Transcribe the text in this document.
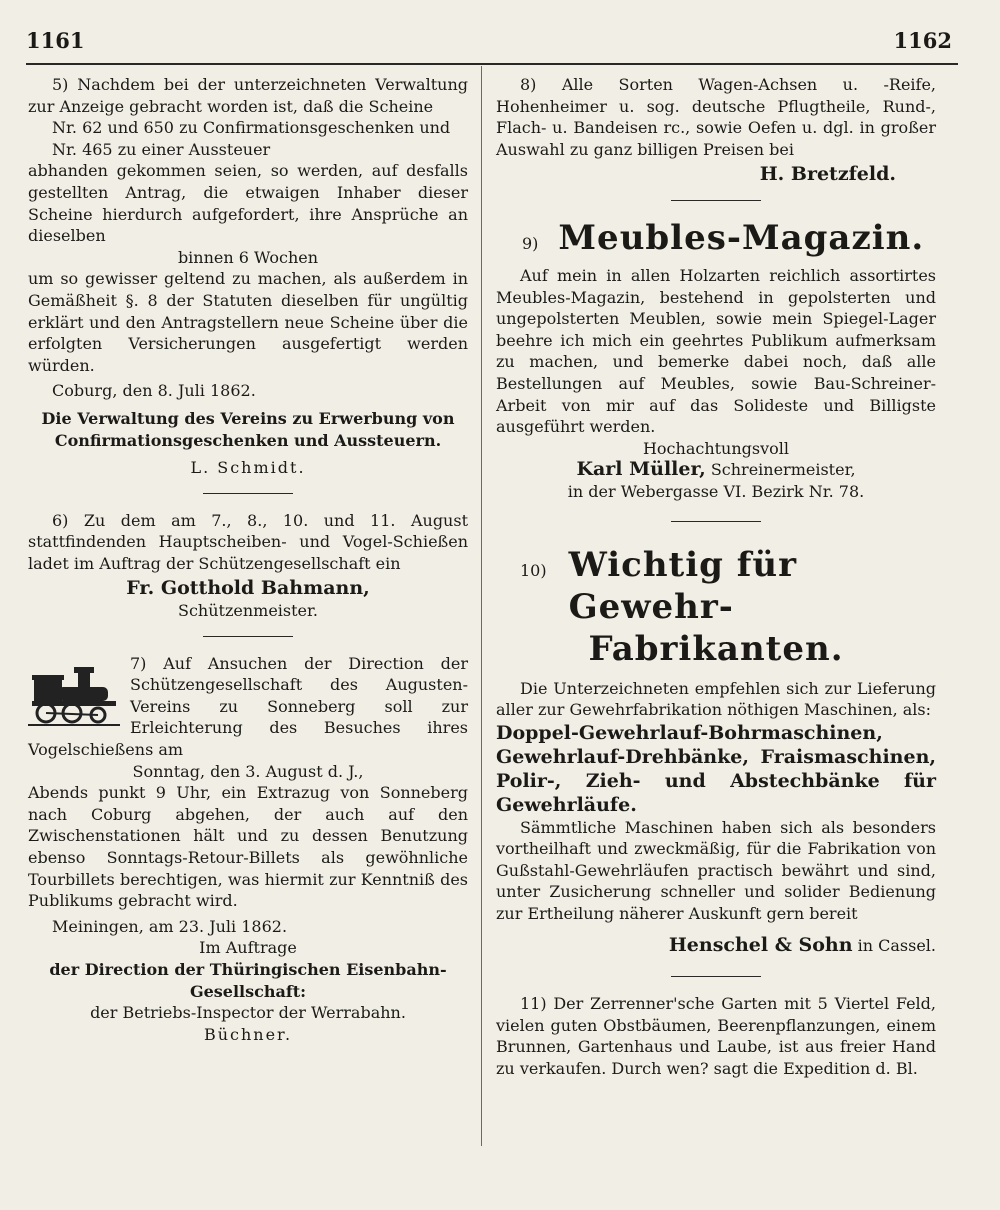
1161	1162

5) Nachdem bei der unterzeichneten Verwaltung zur Anzeige gebracht worden ist, daß die Scheine

Nr. 62 und 650 zu Confirmationsgeschenken und

Nr. 465 zu einer Aussteuer

abhanden gekommen seien, so werden, auf desfalls gestellten Antrag, die etwaigen Inhaber dieser Scheine hierdurch aufgefordert, ihre Ansprüche an dieselben

binnen 6 Wochen

um so gewisser geltend zu machen, als außerdem in Gemäßheit §. 8 der Statuten dieselben für ungültig erklärt und den Antragstellern neue Scheine über die erfolgten Versicherungen ausgefertigt werden würden.

Coburg, den 8. Juli 1862.

Die Verwaltung des Vereins zu Erwerbung von Confirmationsgeschenken und Aussteuern.

L. Schmidt.

6) Zu dem am 7., 8., 10. und 11. August stattfindenden Hauptscheiben- und Vogel-Schießen ladet im Auftrag der Schützengesellschaft ein

Fr. Gotthold Bahmann,

Schützenmeister.

7) Auf Ansuchen der Direction der Schützengesellschaft des Augusten-Vereins zu Sonneberg soll zur Erleichterung des Besuches ihres Vogelschießens am

Sonntag, den 3. August d. J.,

Abends punkt 9 Uhr, ein Extrazug von Sonneberg nach Coburg abgehen, der auch auf den Zwischenstationen hält und zu dessen Benutzung ebenso Sonntags-Retour-Billets als gewöhnliche Tourbillets berechtigen, was hiermit zur Kenntniß des Publikums gebracht wird.

Meiningen, am 23. Juli 1862.

Im Auftrage

der Direction der Thüringischen Eisenbahn-Gesellschaft:

der Betriebs-Inspector der Werrabahn.

Büchner.

8) Alle Sorten Wagen-Achsen u. -Reife, Hohenheimer u. sog. deutsche Pflugtheile, Rund-, Flach- u. Bandeisen rc., sowie Oefen u. dgl. in großer Auswahl zu ganz billigen Preisen bei

H. Bretzfeld.

9) Meubles-Magazin.

Auf mein in allen Holzarten reichlich assortirtes Meubles-Magazin, bestehend in gepolsterten und ungepolsterten Meublen, sowie mein Spiegel-Lager beehre ich mich ein geehrtes Publikum aufmerksam zu machen, und bemerke dabei noch, daß alle Bestellungen auf Meubles, sowie Bau-Schreiner-Arbeit von mir auf das Solideste und Billigste ausgeführt werden.

Hochachtungsvoll

Karl Müller, Schreinermeister,

in der Webergasse VI. Bezirk Nr. 78.

10) Wichtig für Gewehr-

Fabrikanten.

Die Unterzeichneten empfehlen sich zur Lieferung aller zur Gewehrfabrikation nöthigen Maschinen, als:

Doppel-Gewehrlauf-Bohrmaschinen, Gewehrlauf-Drehbänke, Fraismaschinen, Polir-, Zieh- und Abstechbänke für Gewehrläufe.

Sämmtliche Maschinen haben sich als besonders vortheilhaft und zweckmäßig, für die Fabrikation von Gußstahl-Gewehrläufen practisch bewährt und sind, unter Zusicherung schneller und solider Bedienung zur Ertheilung näherer Auskunft gern bereit

Henschel & Sohn in Cassel.

11) Der Zerrenner'sche Garten mit 5 Viertel Feld, vielen guten Obstbäumen, Beerenpflanzungen, einem Brunnen, Gartenhaus und Laube, ist aus freier Hand zu verkaufen. Durch wen? sagt die Expedition d. Bl.
